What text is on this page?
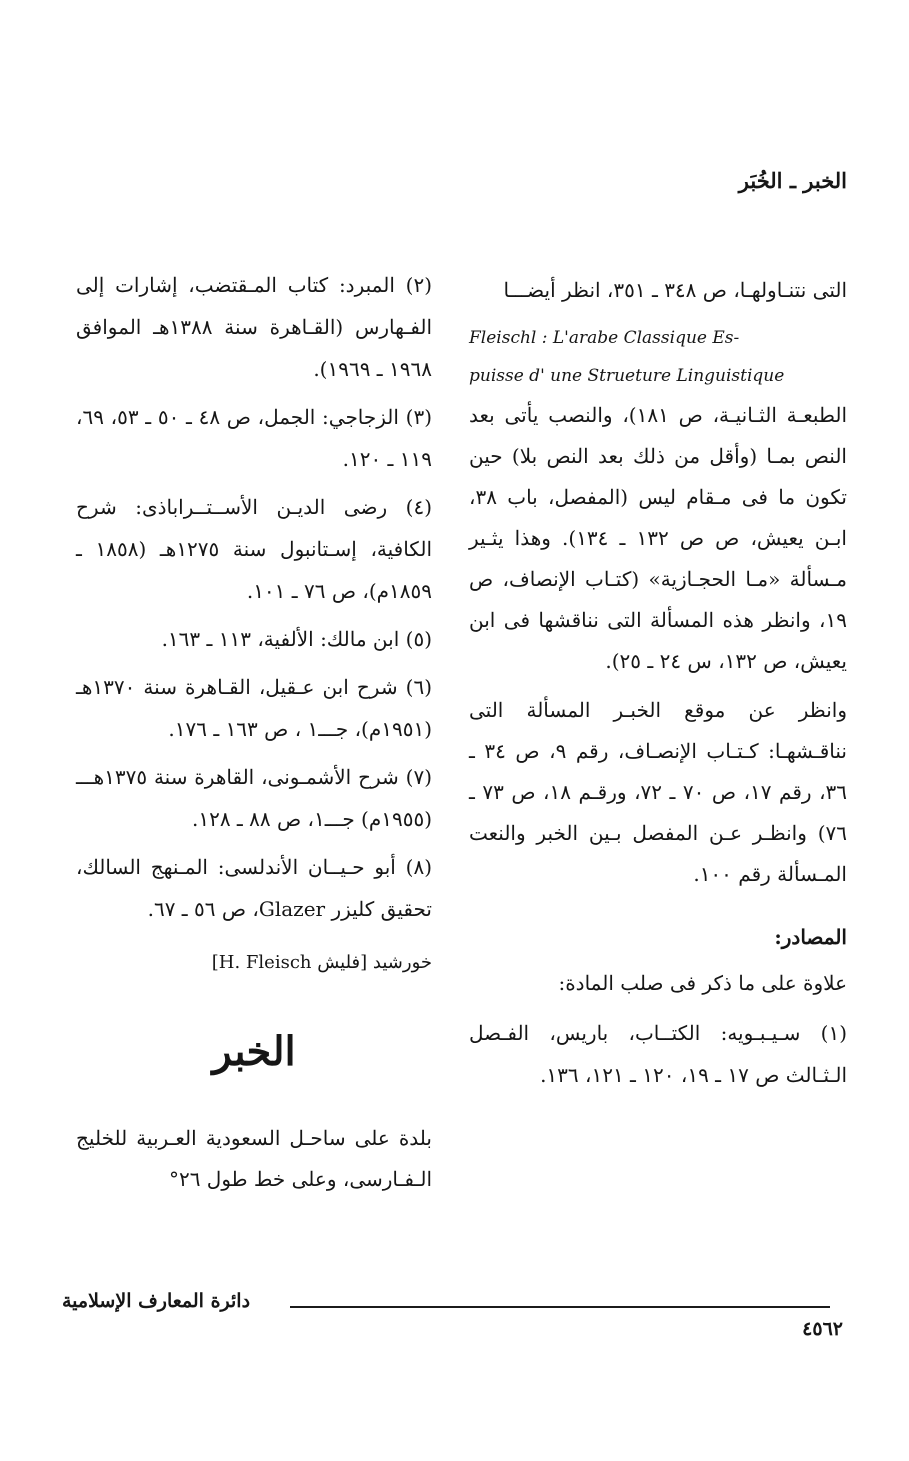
الخبر ـ الخُبَر

التى نتنـاولهـا، ص ٣٤٨ ـ ٣٥١، انظر أيضـــا

Fleischl : L'arabe Classique Es-
puisse d' une Strueture Linguistique

الطبعـة الثـانيـة، ص ١٨١)، والنصب يأتى بعد النص بمـا (وأقل من ذلك بعد النص بلا) حين تكون ما فى مـقام ليس (المفصل، باب ٣٨، ابـن يعيش، ص ص ١٣٢ ـ ١٣٤). وهذا يثـير مـسألة «مـا الحجـازية» (كتـاب الإنصاف، ص ١٩، وانظر هذه المسألة التى نناقشها فى ابن يعيش، ص ١٣٢، س ٢٤ ـ ٢٥).

وانظر عن موقع الخبـر المسألة التى نناقـشهـا: كـتـاب الإنصـاف، رقم ٩، ص ٣٤ ـ ٣٦، رقم ١٧، ص ٧٠ ـ ٧٢، ورقـم ١٨، ص ٧٣ ـ ٧٦) وانظـر عـن المفصل بـين الخبر والنعت المـسألة رقم ١٠٠.

المصادر:

علاوة على ما ذكر فى صلب المادة:

(١) سـيـبـويه: الكتــاب، باريس، الفـصل الـثـالث ص ١٧ ـ ١٩، ١٢٠ ـ ١٢١، ١٣٦.

(٢) المبرد: كتاب المـقتضب، إشارات إلى الفـهارس (القـاهرة سنة ١٣٨٨هـ الموافق ١٩٦٨ ـ ١٩٦٩).

(٣) الزجاجي: الجمل، ص ٤٨ ـ ٥٠ ـ ٥٣، ٦٩، ١١٩ ـ ١٢٠.

(٤) رضى الديـن الأســتــراباذى: شرح الكافية، إسـتانبول سنة ١٢٧٥هـ (١٨٥٨ ـ ١٨٥٩م)، ص ٧٦ ـ ١٠١.

(٥) ابن مالك: الألفية، ١١٣ ـ ١٦٣.

(٦) شرح ابن عـقيل، القـاهرة سنة ١٣٧٠هـ (١٩٥١م)، جـــ١ ، ص ١٦٣ ـ ١٧٦.

(٧) شرح الأشمـونى، القاهرة سنة ١٣٧٥هـــ (١٩٥٥م) جـــ١، ص ٨٨ ـ ١٢٨.

(٨) أبو حـيــان الأندلسى: المـنهج السالك، تحقيق كليزر Glazer، ص ٥٦ ـ ٦٧.

خورشيد [فليش H. Fleisch]

الخبر

بلدة على ساحـل السعودية العـربية للخليج الـفـارسى، وعلى خط طول ٢٦°

دائرة المعارف الإسلامية
٤٥٦٢
